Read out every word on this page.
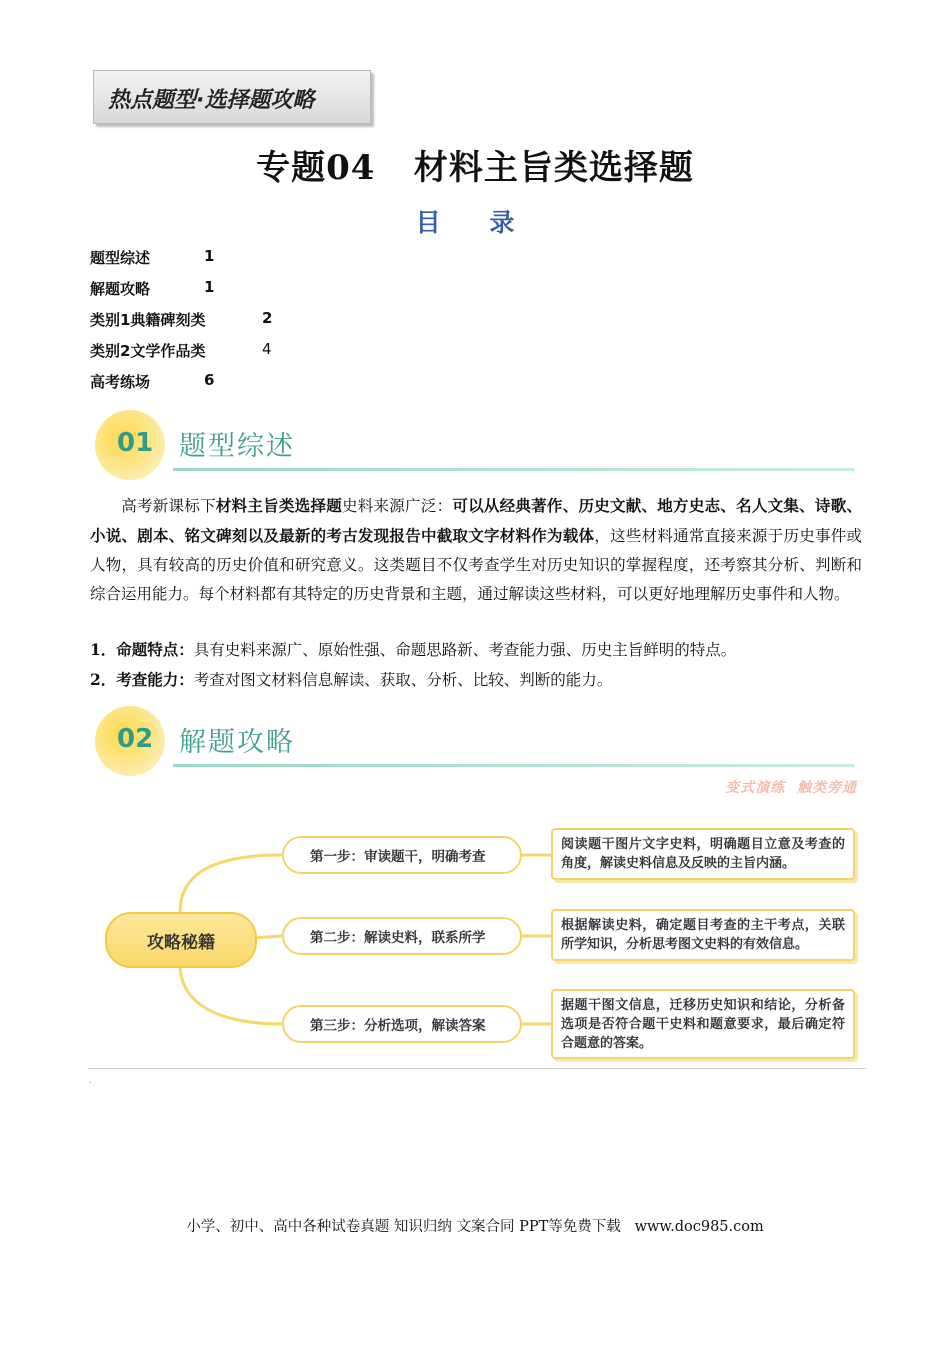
热点题型·选择题攻略
专题04   材料主旨类选择题
目 录
题型综述	1
解题攻略	1
类别1典籍碑刻类	2
类别2文学作品类	4
高考练场	6
01 题型综述
高考新课标下材料主旨类选择题史料来源广泛：可以从经典著作、历史文献、地方史志、名人文集、诗歌、小说、剧本、铭文碑刻以及最新的考古发现报告中截取文字材料作为载体，这些材料通常直接来源于历史事件或人物，具有较高的历史价值和研究意义。这类题目不仅考查学生对历史知识的掌握程度，还考察其分析、判断和综合运用能力。每个材料都有其特定的历史背景和主题，通过解读这些材料，可以更好地理解历史事件和人物。
1．命题特点：具有史料来源广、原始性强、命题思路新、考查能力强、历史主旨鲜明的特点。
2．考查能力：考查对图文材料信息解读、获取、分析、比较、判断的能力。
02 解题攻略
变式演练  触类旁通
攻略秘籍
第一步：审读题干，明确考查
第二步：解读史料，联系所学
第三步：分析选项，解读答案
阅读题干图片文字史料，明确题目立意及考查的角度，解读史料信息及反映的主旨内涵。
根据解读史料，确定题目考查的主干考点，关联所学知识，分析思考图文史料的有效信息。
据题干图文信息，迁移历史知识和结论，分析备选项是否符合题干史料和题意要求，最后确定符合题意的答案。
.
小学、初中、高中各种试卷真题 知识归纳 文案合同 PPT等免费下载   www.doc985.com
